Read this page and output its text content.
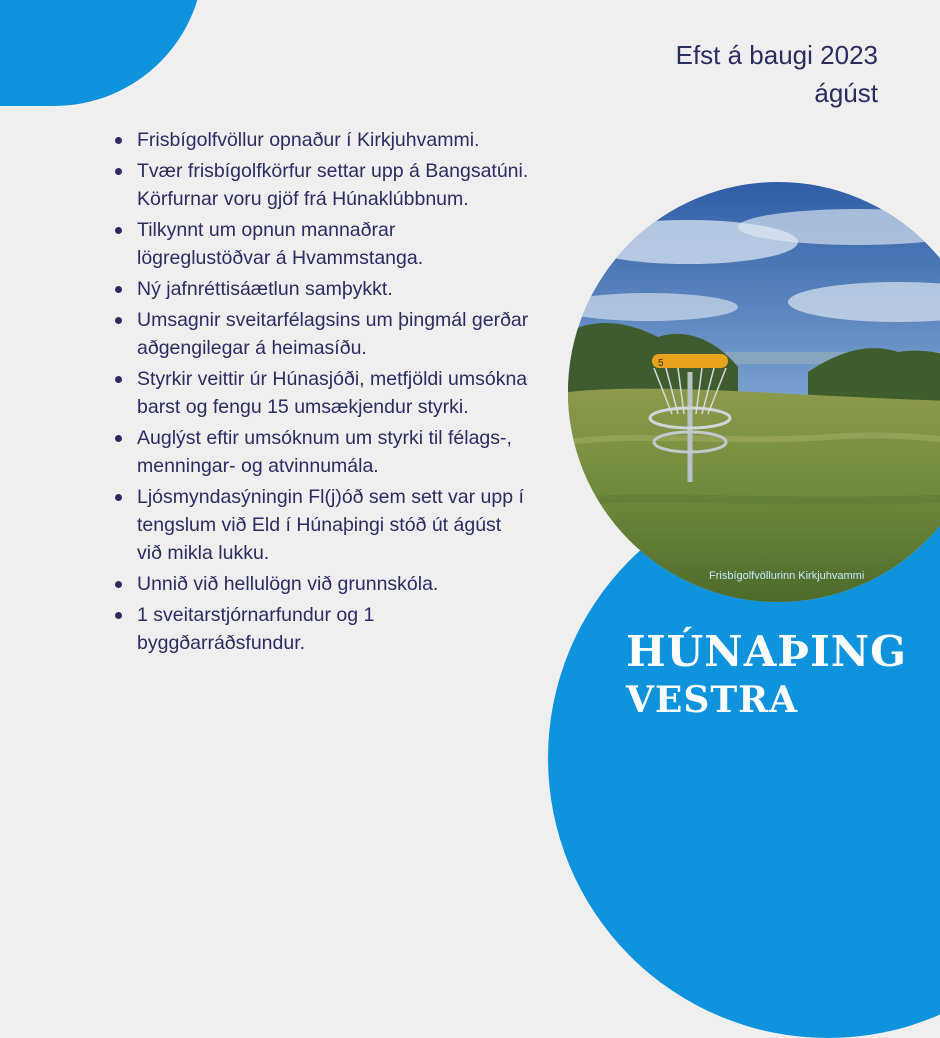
Efst á baugi 2023
ágúst
Frisbígolfvöllur opnaður í Kirkjuhvammi.
Tvær frisbígolfkörfur settar upp á Bangsatúni. Körfurnar voru gjöf frá Húnaklúbbnum.
Tilkynnt um opnun mannaðrar lögreglustöðvar á Hvammstanga.
Ný jafnréttisáætlun samþykkt.
Umsagnir sveitarfélagsins um þingmál gerðar aðgengilegar á heimasíðu.
Styrkir veittir úr Húnasjóði, metfjöldi umsókna barst og fengu 15 umsækjendur styrki.
Auglýst eftir umsóknum um styrki til félags-, menningar- og atvinnumála.
Ljósmyndasýningin Fl(j)óð sem sett var upp í tengslum við Eld í Húnaþingi stóð út ágúst við mikla lukku.
Unnið við hellulögn við grunnskóla.
1 sveitarstjórnarfundur og 1 byggðarráðsfundur.
5
Frisbígolfvöllurinn Kirkjuhvammi
HÚNAÞING
VESTRA
